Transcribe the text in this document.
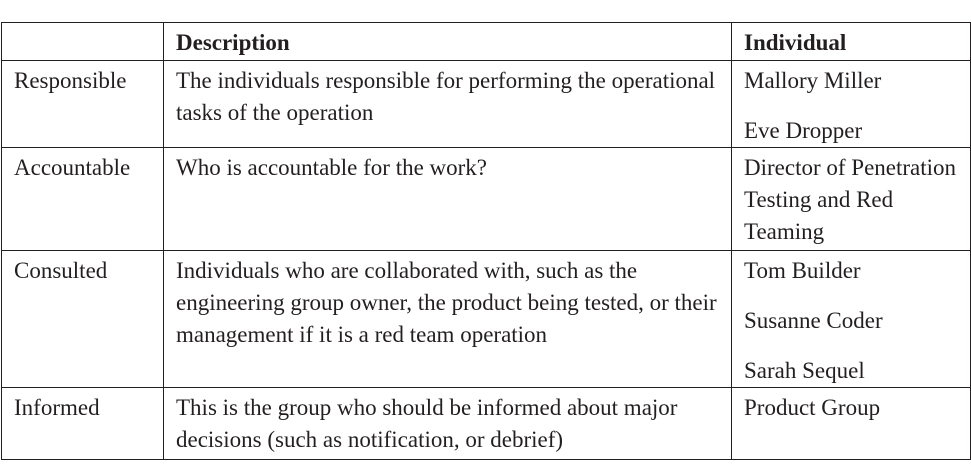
	Description	Individual

Responsible	The individuals responsible for performing the operational tasks of the operation	Mallory Miller
Eve Dropper

Accountable	Who is accountable for the work?	Director of Penetration Testing and Red Teaming

Consulted	Individuals who are collaborated with, such as the engineering group owner, the product being tested, or their management if it is a red team operation	Tom Builder
Susanne Coder
Sarah Sequel

Informed	This is the group who should be informed about major decisions (such as notification, or debrief)	Product Group
